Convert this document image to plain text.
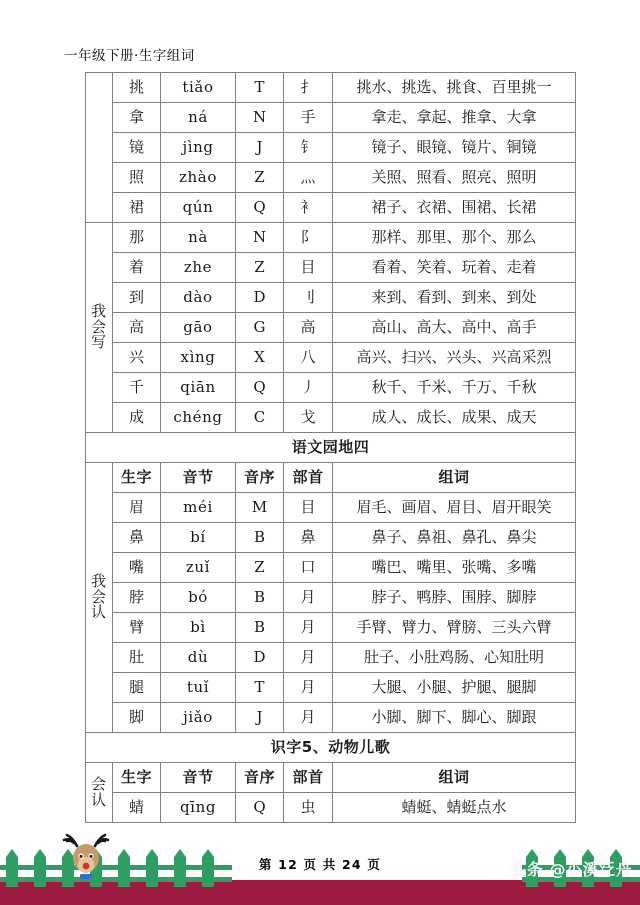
一年级下册·生字组词
	挑	tiǎo	T	扌	挑水、挑选、挑食、百里挑一
	拿	ná	N	手	拿走、拿起、推拿、大拿
	镜	jìng	J	钅	镜子、眼镜、镜片、铜镜
	照	zhào	Z	灬	关照、照看、照亮、照明
	裙	qún	Q	衤	裙子、衣裙、围裙、长裙

我
会
写	那	nà	N	阝	那样、那里、那个、那么
	着	zhe	Z	目	看着、笑着、玩着、走着
	到	dào	D	刂	来到、看到、到来、到处
	高	gāo	G	高	高山、高大、高中、高手
	兴	xìng	X	八	高兴、扫兴、兴头、兴高采烈
	千	qiān	Q	丿	秋千、千米、千万、千秋
	成	chéng	C	戈	成人、成长、成果、成天
语文园地四					

我
会
认	生字	音节	音序	部首	组词
	眉	méi	M	目	眉毛、画眉、眉目、眉开眼笑
	鼻	bí	B	鼻	鼻子、鼻祖、鼻孔、鼻尖
	嘴	zuǐ	Z	口	嘴巴、嘴里、张嘴、多嘴
	脖	bó	B	月	脖子、鸭脖、围脖、脚脖
	臂	bì	B	月	手臂、臂力、臂膀、三头六臂
	肚	dù	D	月	肚子、小肚鸡肠、心知肚明
	腿	tuǐ	T	月	大腿、小腿、护腿、腿脚
	脚	jiǎo	J	月	小脚、脚下、脚心、脚跟
识字5、动物儿歌					

会
认	生字	音节	音序	部首	组词
	蜻	qīng	Q	虫	蜻蜓、蜻蜓点水
第 12 页 共 24 页	头条 @小溪泛舟
